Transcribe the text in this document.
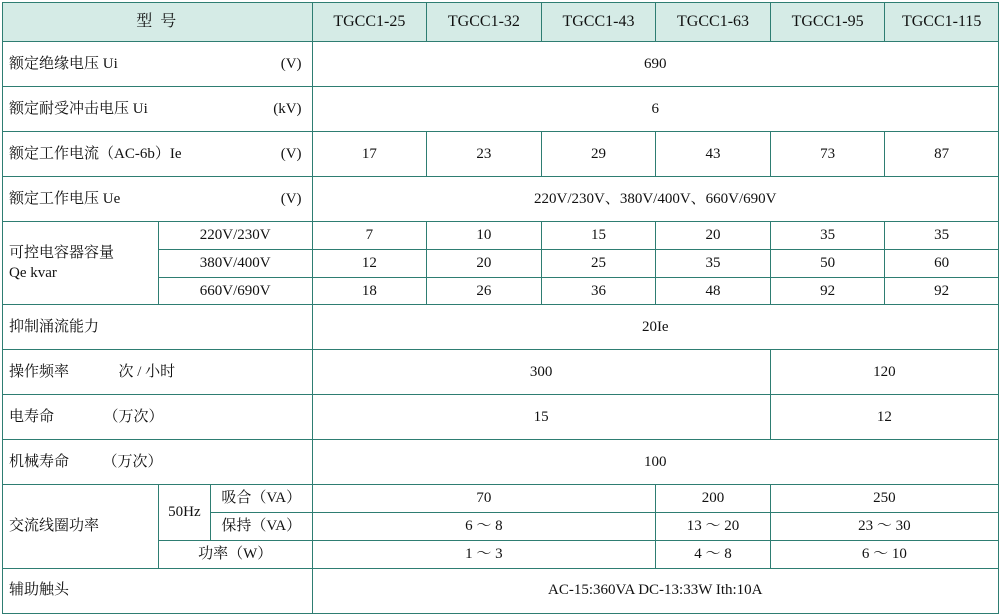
型 号			TGCC1-25	TGCC1-32	TGCC1-43	TGCC1-63	TGCC1-95	TGCC1-115

额定绝缘电压 Ui (V)			690					

额定耐受冲击电压 Ui (kV)			6					

额定工作电流（AC-6b）Ie (V)			17	23	29	43	73	87

额定工作电压 Ue (V)			220V/230V、380V/400V、660V/690V					

可控电容器容量
Qe kvar	220V/230V		7	10	15	20	35	35
	380V/400V		12	20	25	35	50	60
	660V/690V		18	26	36	48	92	92
抑制涌流能力			20Ie					
操作频率 次 / 小时			300				120	
电寿命 （万次）			15				12	
机械寿命 （万次）			100					
交流线圈功率	50Hz	吸合（VA）	70			200	250	
		保持（VA）	6 ～ 8			13 ～ 20	23 ～ 30	
	功率（W）		1 ～ 3			4 ～ 8	6 ～ 10	
辅助触头			AC-15:360VA DC-13:33W Ith:10A					
